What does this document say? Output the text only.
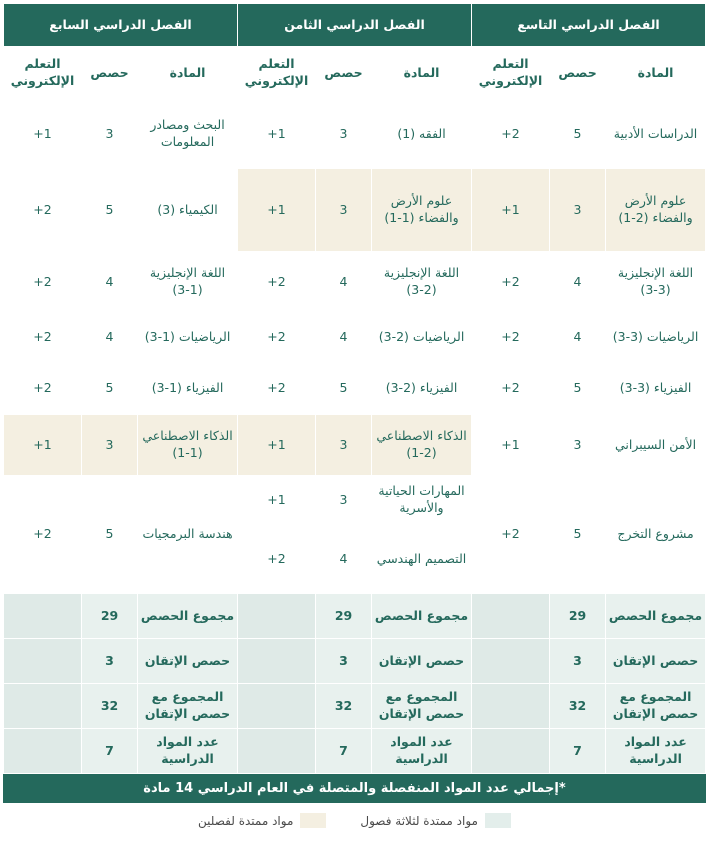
الفصل الدراسي التاسع			الفصل الدراسي الثامن			الفصل الدراسي السابع		
المادة	حصص	التعلم الإلكتروني	المادة	حصص	التعلم الإلكتروني	المادة	حصص	التعلم الإلكتروني
الدراسات الأدبية	5	2+	الفقه (1)	3	1+	البحث ومصادر المعلومات	3	1+
علوم الأرض والفضاء (2-1)	3	1+	علوم الأرض والفضاء (1-1)	3	1+	الكيمياء (3)	5	2+
اللغة الإنجليزية (3-3)	4	2+	اللغة الإنجليزية (2-3)	4	2+	اللغة الإنجليزية (1-3)	4	2+
الرياضيات (3-3)	4	2+	الرياضيات (2-3)	4	2+	الرياضيات (1-3)	4	2+
الفيزياء (3-3)	5	2+	الفيزياء (2-3)	5	2+	الفيزياء (1-3)	5	2+
الأمن السيبراني	3	1+	الذكاء الاصطناعي (2-1)	3	1+	الذكاء الاصطناعي (1-1)	3	1+
مشروع التخرج	5	2+	المهارات الحياتية والأسرية	3	1+	هندسة البرمجيات	5	2+
			التصميم الهندسي	4	2+			
مجموع الحصص	29		مجموع الحصص	29		مجموع الحصص	29	
حصص الإتقان	3		حصص الإتقان	3		حصص الإتقان	3	
المجموع مع حصص الإتقان	32		المجموع مع حصص الإتقان	32		المجموع مع حصص الإتقان	32	
عدد المواد الدراسية	7		عدد المواد الدراسية	7		عدد المواد الدراسية	7	
*إجمالي عدد المواد المنفصلة والمتصلة في العام الدراسي 14 مادة
مواد ممتدة لثلاثة فصول
مواد ممتدة لفصلين
